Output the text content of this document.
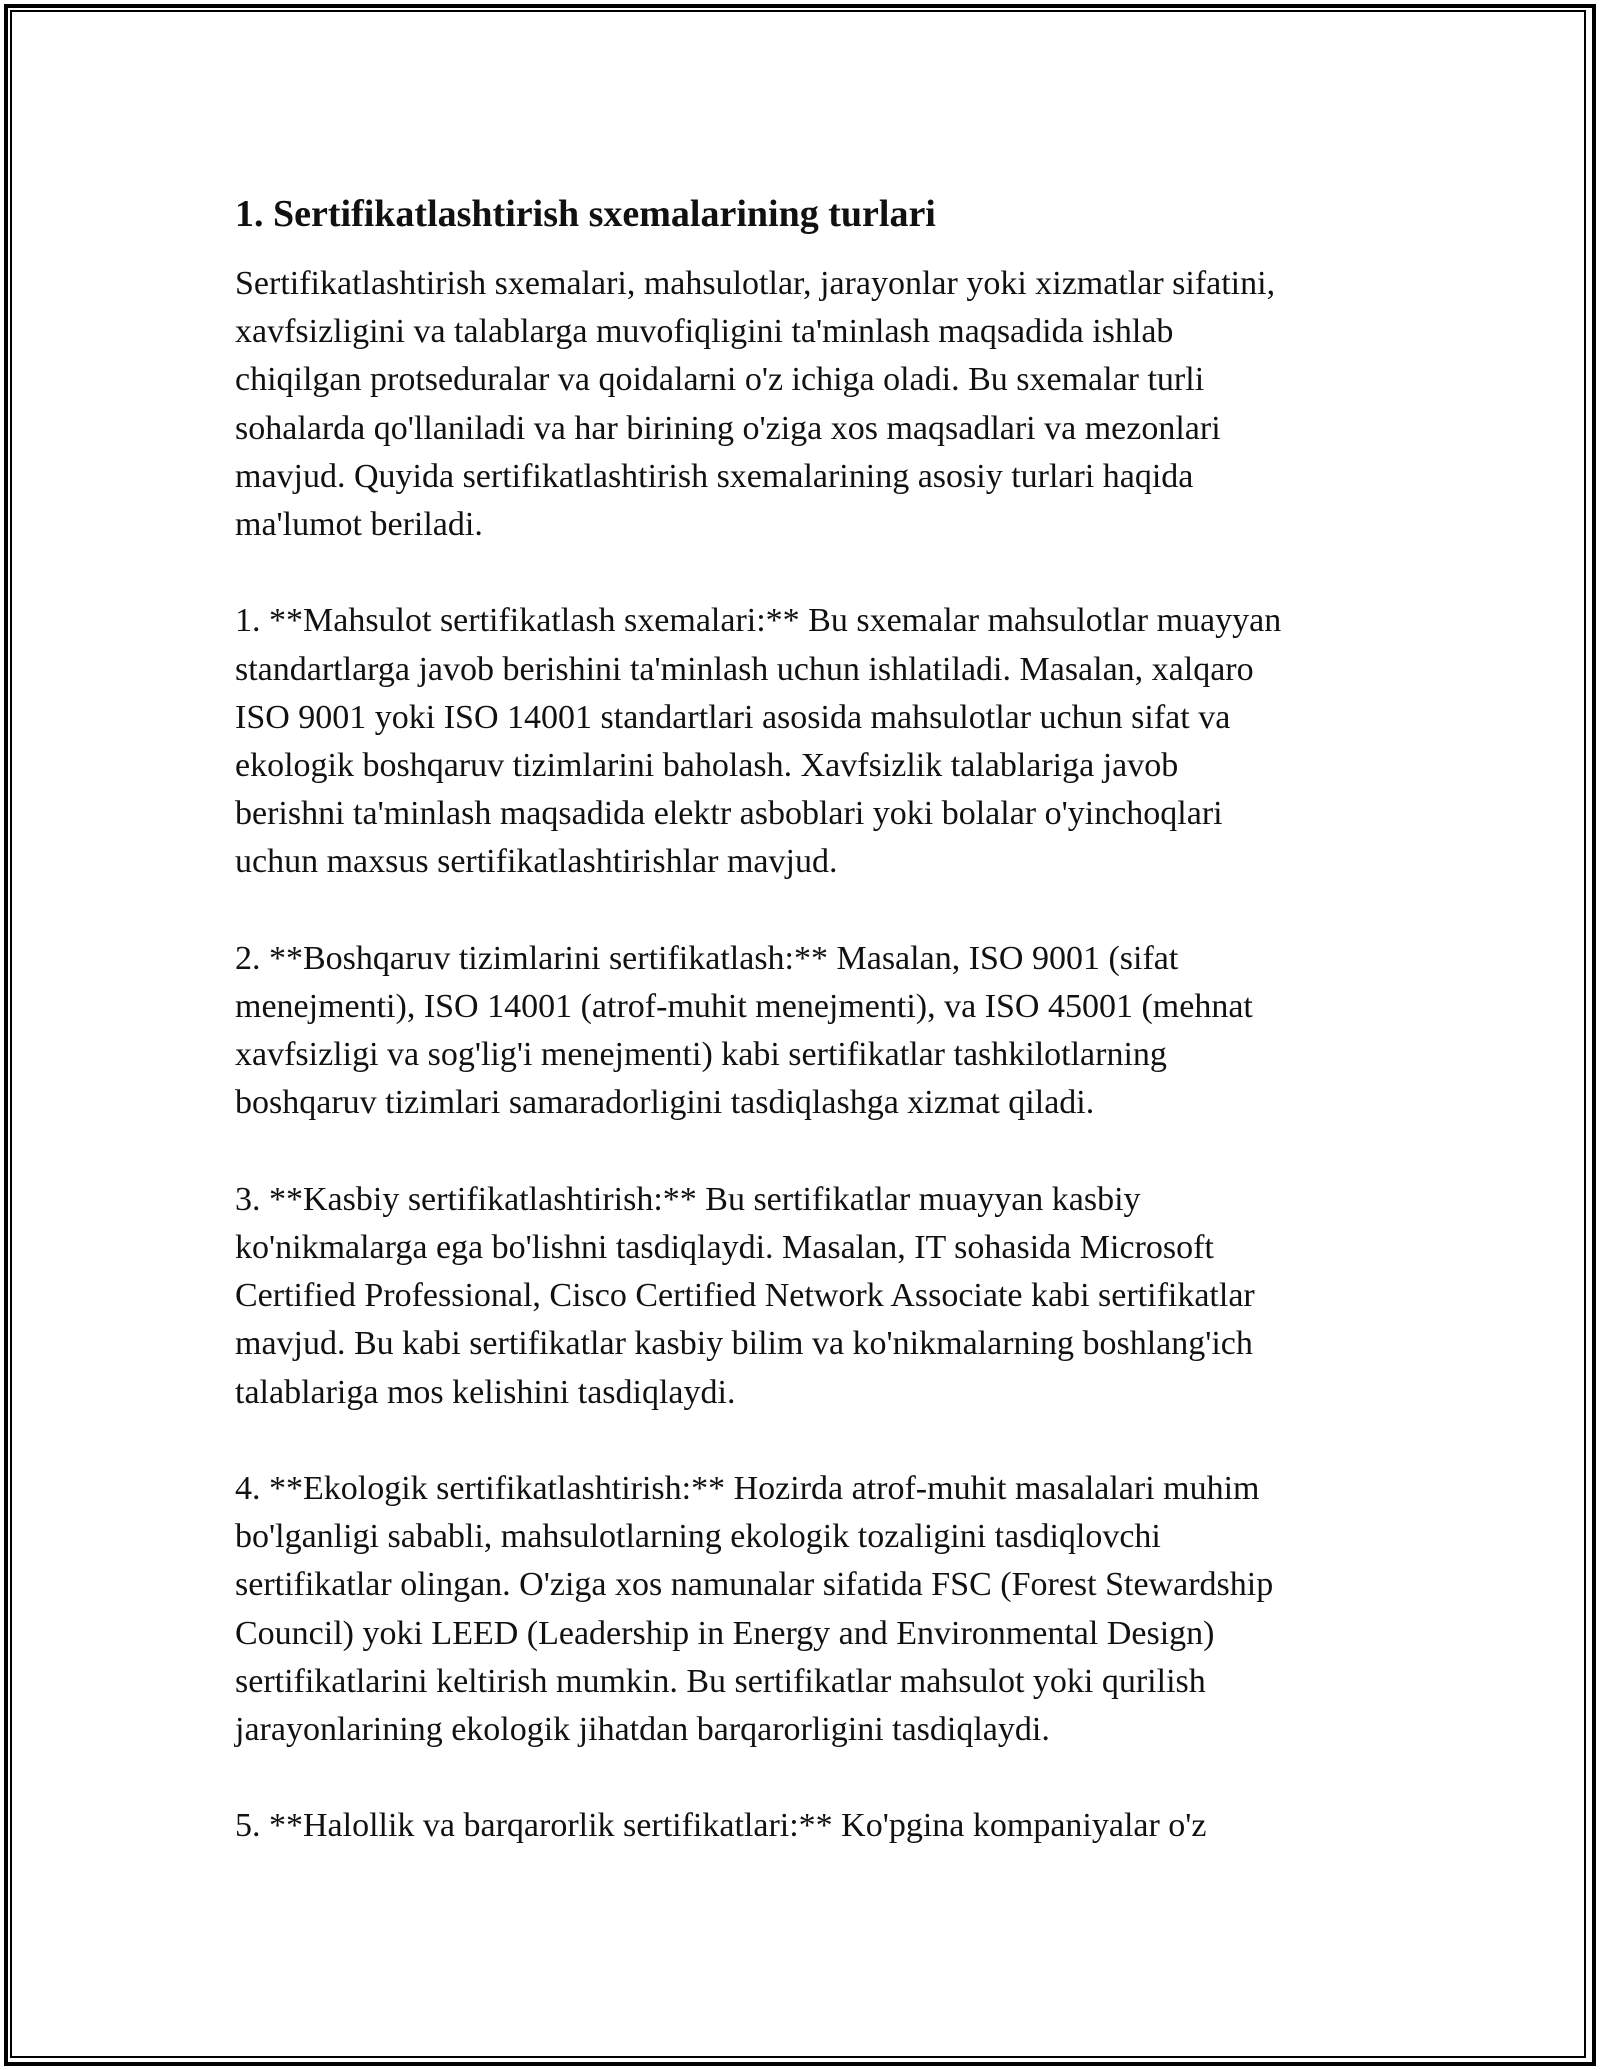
1. Sertifikatlashtirish sxemalarining turlari

Sertifikatlashtirish sxemalari, mahsulotlar, jarayonlar yoki xizmatlar sifatini,
xavfsizligini va talablarga muvofiqligini ta'minlash maqsadida ishlab
chiqilgan protseduralar va qoidalarni o'z ichiga oladi. Bu sxemalar turli
sohalarda qo'llaniladi va har birining o'ziga xos maqsadlari va mezonlari
mavjud. Quyida sertifikatlashtirish sxemalarining asosiy turlari haqida
ma'lumot beriladi.

1. **Mahsulot sertifikatlash sxemalari:** Bu sxemalar mahsulotlar muayyan
standartlarga javob berishini ta'minlash uchun ishlatiladi. Masalan, xalqaro
ISO 9001 yoki ISO 14001 standartlari asosida mahsulotlar uchun sifat va
ekologik boshqaruv tizimlarini baholash. Xavfsizlik talablariga javob
berishni ta'minlash maqsadida elektr asboblari yoki bolalar o'yinchoqlari
uchun maxsus sertifikatlashtirishlar mavjud.

2. **Boshqaruv tizimlarini sertifikatlash:** Masalan, ISO 9001 (sifat
menejmenti), ISO 14001 (atrof-muhit menejmenti), va ISO 45001 (mehnat
xavfsizligi va sog'lig'i menejmenti) kabi sertifikatlar tashkilotlarning
boshqaruv tizimlari samaradorligini tasdiqlashga xizmat qiladi.

3. **Kasbiy sertifikatlashtirish:** Bu sertifikatlar muayyan kasbiy
ko'nikmalarga ega bo'lishni tasdiqlaydi. Masalan, IT sohasida Microsoft
Certified Professional, Cisco Certified Network Associate kabi sertifikatlar
mavjud. Bu kabi sertifikatlar kasbiy bilim va ko'nikmalarning boshlang'ich
talablariga mos kelishini tasdiqlaydi.

4. **Ekologik sertifikatlashtirish:** Hozirda atrof-muhit masalalari muhim
bo'lganligi sababli, mahsulotlarning ekologik tozaligini tasdiqlovchi
sertifikatlar olingan. O'ziga xos namunalar sifatida FSC (Forest Stewardship
Council) yoki LEED (Leadership in Energy and Environmental Design)
sertifikatlarini keltirish mumkin. Bu sertifikatlar mahsulot yoki qurilish
jarayonlarining ekologik jihatdan barqarorligini tasdiqlaydi.

5. **Halollik va barqarorlik sertifikatlari:** Ko'pgina kompaniyalar o'z
